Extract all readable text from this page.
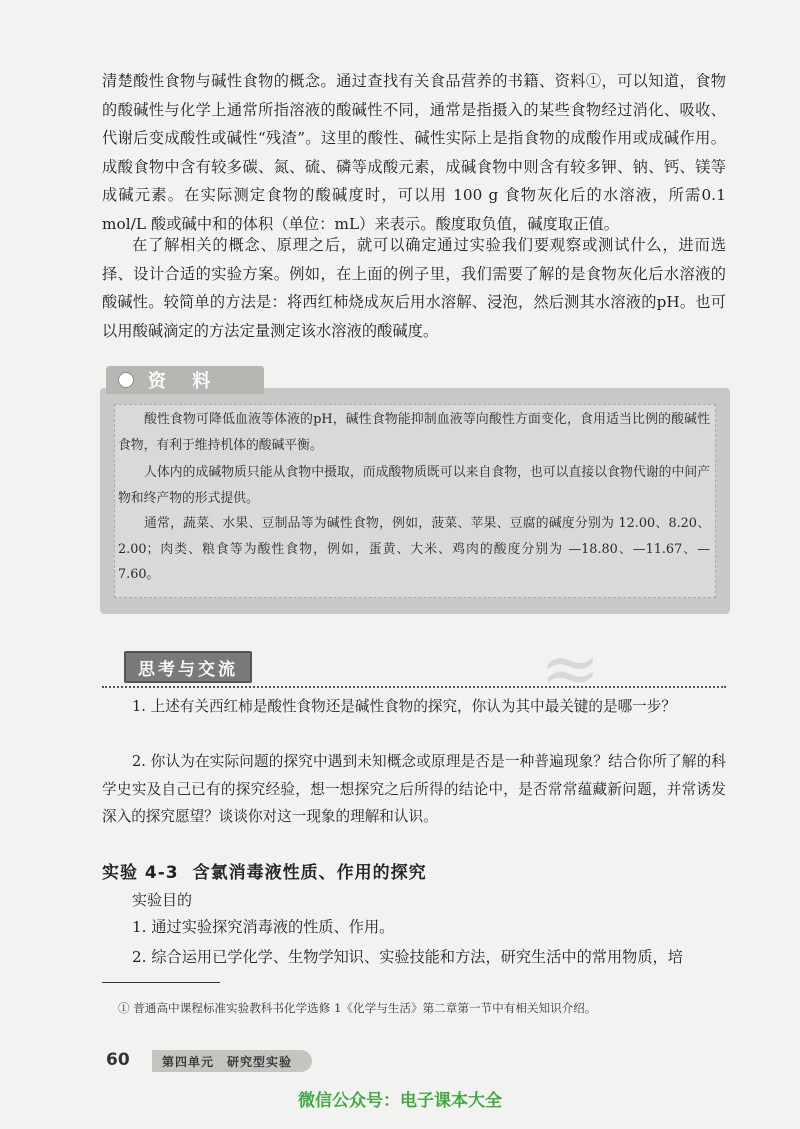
清楚酸性食物与碱性食物的概念。通过查找有关食品营养的书籍、资料①，可以知道，食物的酸碱性与化学上通常所指溶液的酸碱性不同，通常是指摄入的某些食物经过消化、吸收、代谢后变成酸性或碱性“残渣”。这里的酸性、碱性实际上是指食物的成酸作用或成碱作用。成酸食物中含有较多碳、氮、硫、磷等成酸元素，成碱食物中则含有较多钾、钠、钙、镁等成碱元素。在实际测定食物的酸碱度时，可以用 100 g 食物灰化后的水溶液，所需0.1 mol/L 酸或碱中和的体积（单位：mL）来表示。酸度取负值，碱度取正值。

在了解相关的概念、原理之后，就可以确定通过实验我们要观察或测试什么，进而选择、设计合适的实验方案。例如，在上面的例子里，我们需要了解的是食物灰化后水溶液的酸碱性。较简单的方法是：将西红柿烧成灰后用水溶解、浸泡，然后测其水溶液的pH。也可以用酸碱滴定的方法定量测定该水溶液的酸碱度。

资 料

酸性食物可降低血液等体液的pH，碱性食物能抑制血液等向酸性方面变化，食用适当比例的酸碱性食物，有利于维持机体的酸碱平衡。

人体内的成碱物质只能从食物中摄取，而成酸物质既可以来自食物，也可以直接以食物代谢的中间产物和终产物的形式提供。

通常，蔬菜、水果、豆制品等为碱性食物，例如，菠菜、苹果、豆腐的碱度分别为 12.00、8.20、2.00；肉类、粮食等为酸性食物，例如，蛋黄、大米、鸡肉的酸度分别为 —18.80、—11.67、—7.60。

≈
思考与交流

1. 上述有关西红柿是酸性食物还是碱性食物的探究，你认为其中最关键的是哪一步？

2. 你认为在实际问题的探究中遇到未知概念或原理是否是一种普遍现象？结合你所了解的科学史实及自己已有的探究经验，想一想探究之后所得的结论中，是否常常蕴藏新问题，并常诱发深入的探究愿望？谈谈你对这一现象的理解和认识。

实验 4-3 含氯消毒液性质、作用的探究

实验目的

1. 通过实验探究消毒液的性质、作用。

2. 综合运用已学化学、生物学知识、实验技能和方法，研究生活中的常用物质，培

① 普通高中课程标准实验教科书化学选修 1《化学与生活》第二章第一节中有相关知识介绍。

60	第四单元　研究型实验

微信公众号：电子课本大全
